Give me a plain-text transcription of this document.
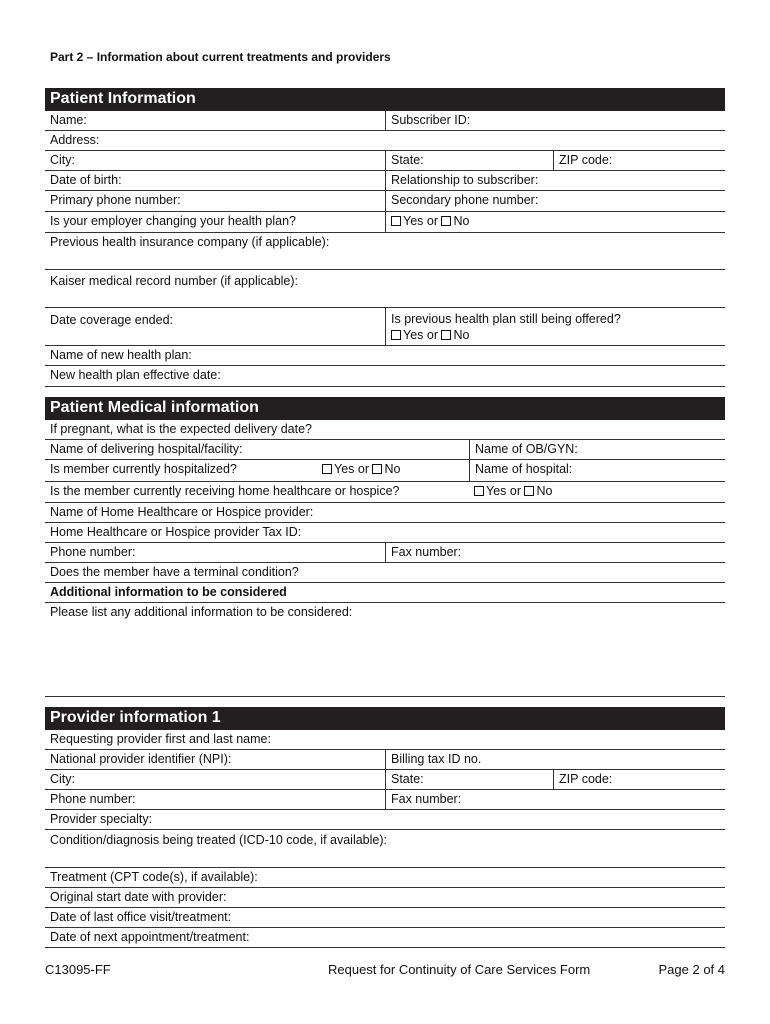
Part 2 – Information about current treatments and providers
Patient Information
Name:	Subscriber ID:
Address:
City:	State:	ZIP code:
Date of birth:	Relationship to subscriber:
Primary phone number:	Secondary phone number:
Is your employer changing your health plan?	Yes or No
Previous health insurance company (if applicable):
Kaiser medical record number (if applicable):
Date coverage ended:	Is previous health plan still being offered?
Yes or No
Name of new health plan:
New health plan effective date:
Patient Medical information
If pregnant, what is the expected delivery date?
Name of delivering hospital/facility:	Name of OB/GYN:
Is member currently hospitalized?	Yes or No	Name of hospital:
Is the member currently receiving home healthcare or hospice?	Yes or No
Name of Home Healthcare or Hospice provider:
Home Healthcare or Hospice provider Tax ID:
Phone number:	Fax number:
Does the member have a terminal condition?
Additional information to be considered
Please list any additional information to be considered:
Provider information 1
Requesting provider first and last name:
National provider identifier (NPI):	Billing tax ID no.
City:	State:	ZIP code:
Phone number:	Fax number:
Provider specialty:
Condition/diagnosis being treated (ICD-10 code, if available):
Treatment (CPT code(s), if available):
Original start date with provider:
Date of last office visit/treatment:
Date of next appointment/treatment:
C13095-FF	Request for Continuity of Care Services Form	Page 2 of 4
